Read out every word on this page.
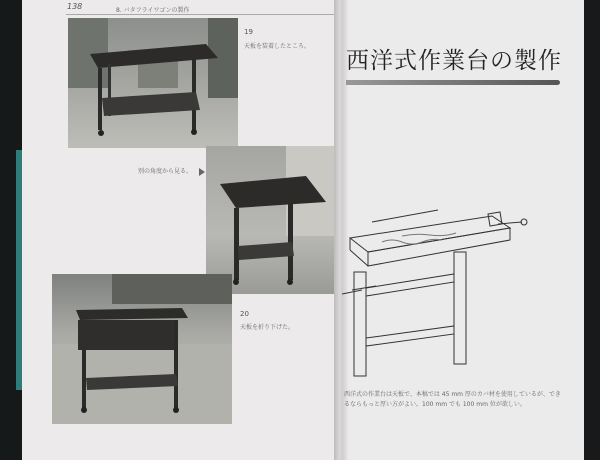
138	8. バタフライワゴンの製作
19
天板を装着したところ。
別の角度から見る。
20
天板を折り下げた。
西洋式作業台の製作
西洋式の作業台は天板で、本稿では 45 mm 厚のカバ材を使用しているが、できるならもっと厚い方がよい。100 mm でも 100 mm 位が欲しい。
